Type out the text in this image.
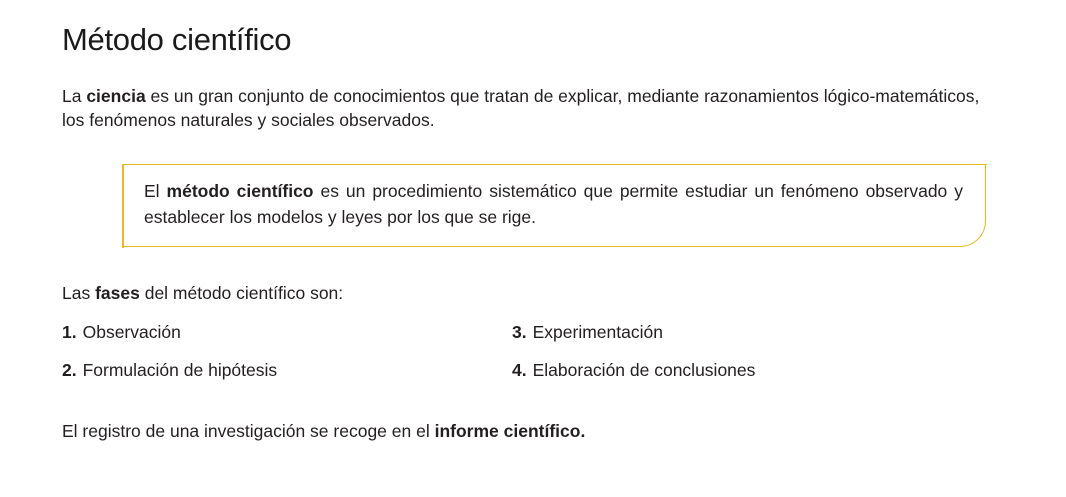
Método científico

La ciencia es un gran conjunto de conocimientos que tratan de explicar, mediante razonamientos lógico-matemáticos, los fenómenos naturales y sociales observados.

El método científico es un procedimiento sistemático que permite estudiar un fenómeno observado y establecer los modelos y leyes por los que se rige.

Las fases del método científico son:

1. Observación	3. Experimentación
2. Formulación de hipótesis	4. Elaboración de conclusiones

El registro de una investigación se recoge en el informe científico.
